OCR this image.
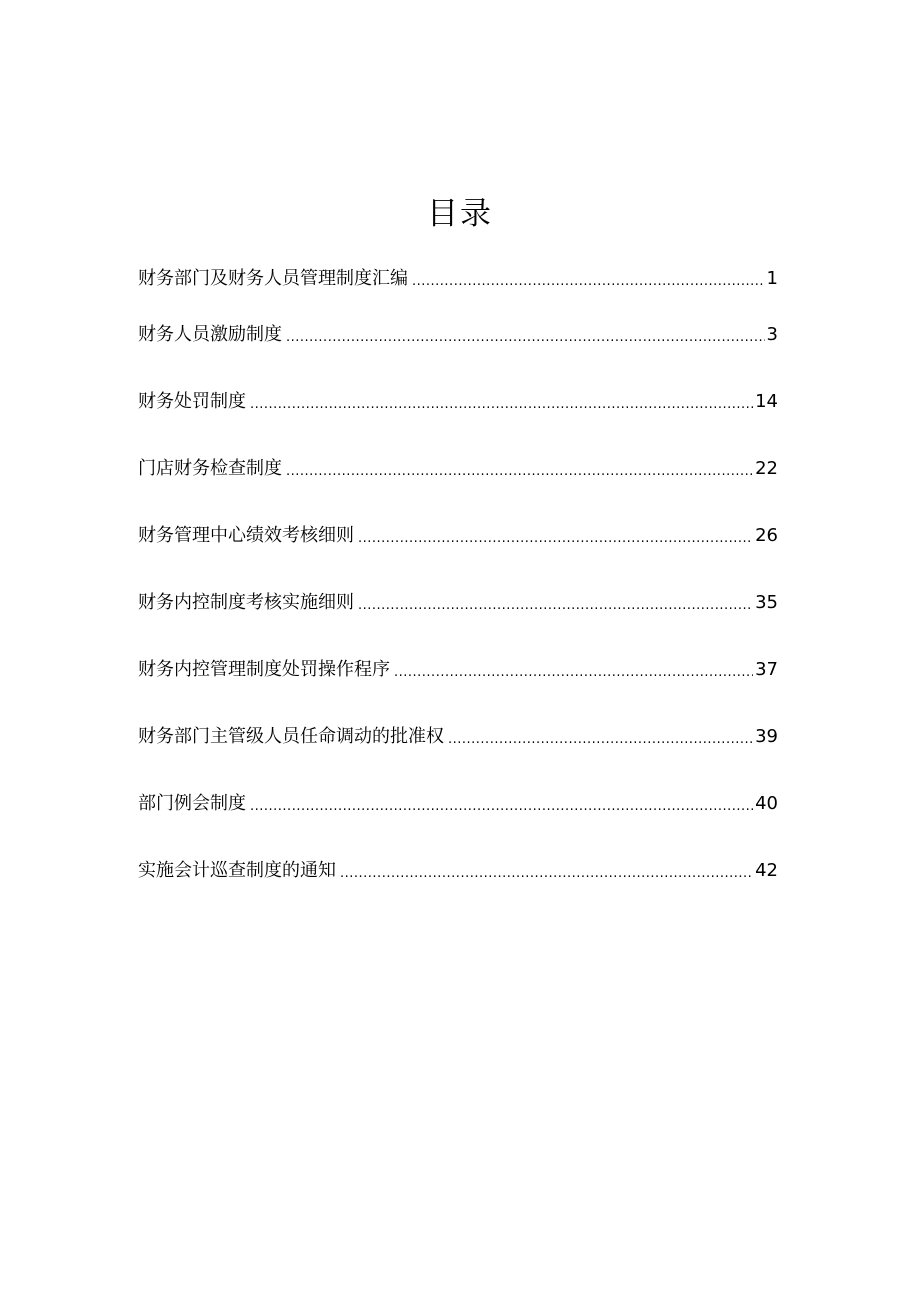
目录
财务部门及财务人员管理制度汇编 .....	1
财务人员激励制度 .....	3
财务处罚制度 .....	14
门店财务检查制度 .....	22
财务管理中心绩效考核细则 .....	26
财务内控制度考核实施细则 .....	35
财务内控管理制度处罚操作程序 .....	37
财务部门主管级人员任命调动的批准权 .....	39
部门例会制度 .....	40
实施会计巡查制度的通知 .....	42
